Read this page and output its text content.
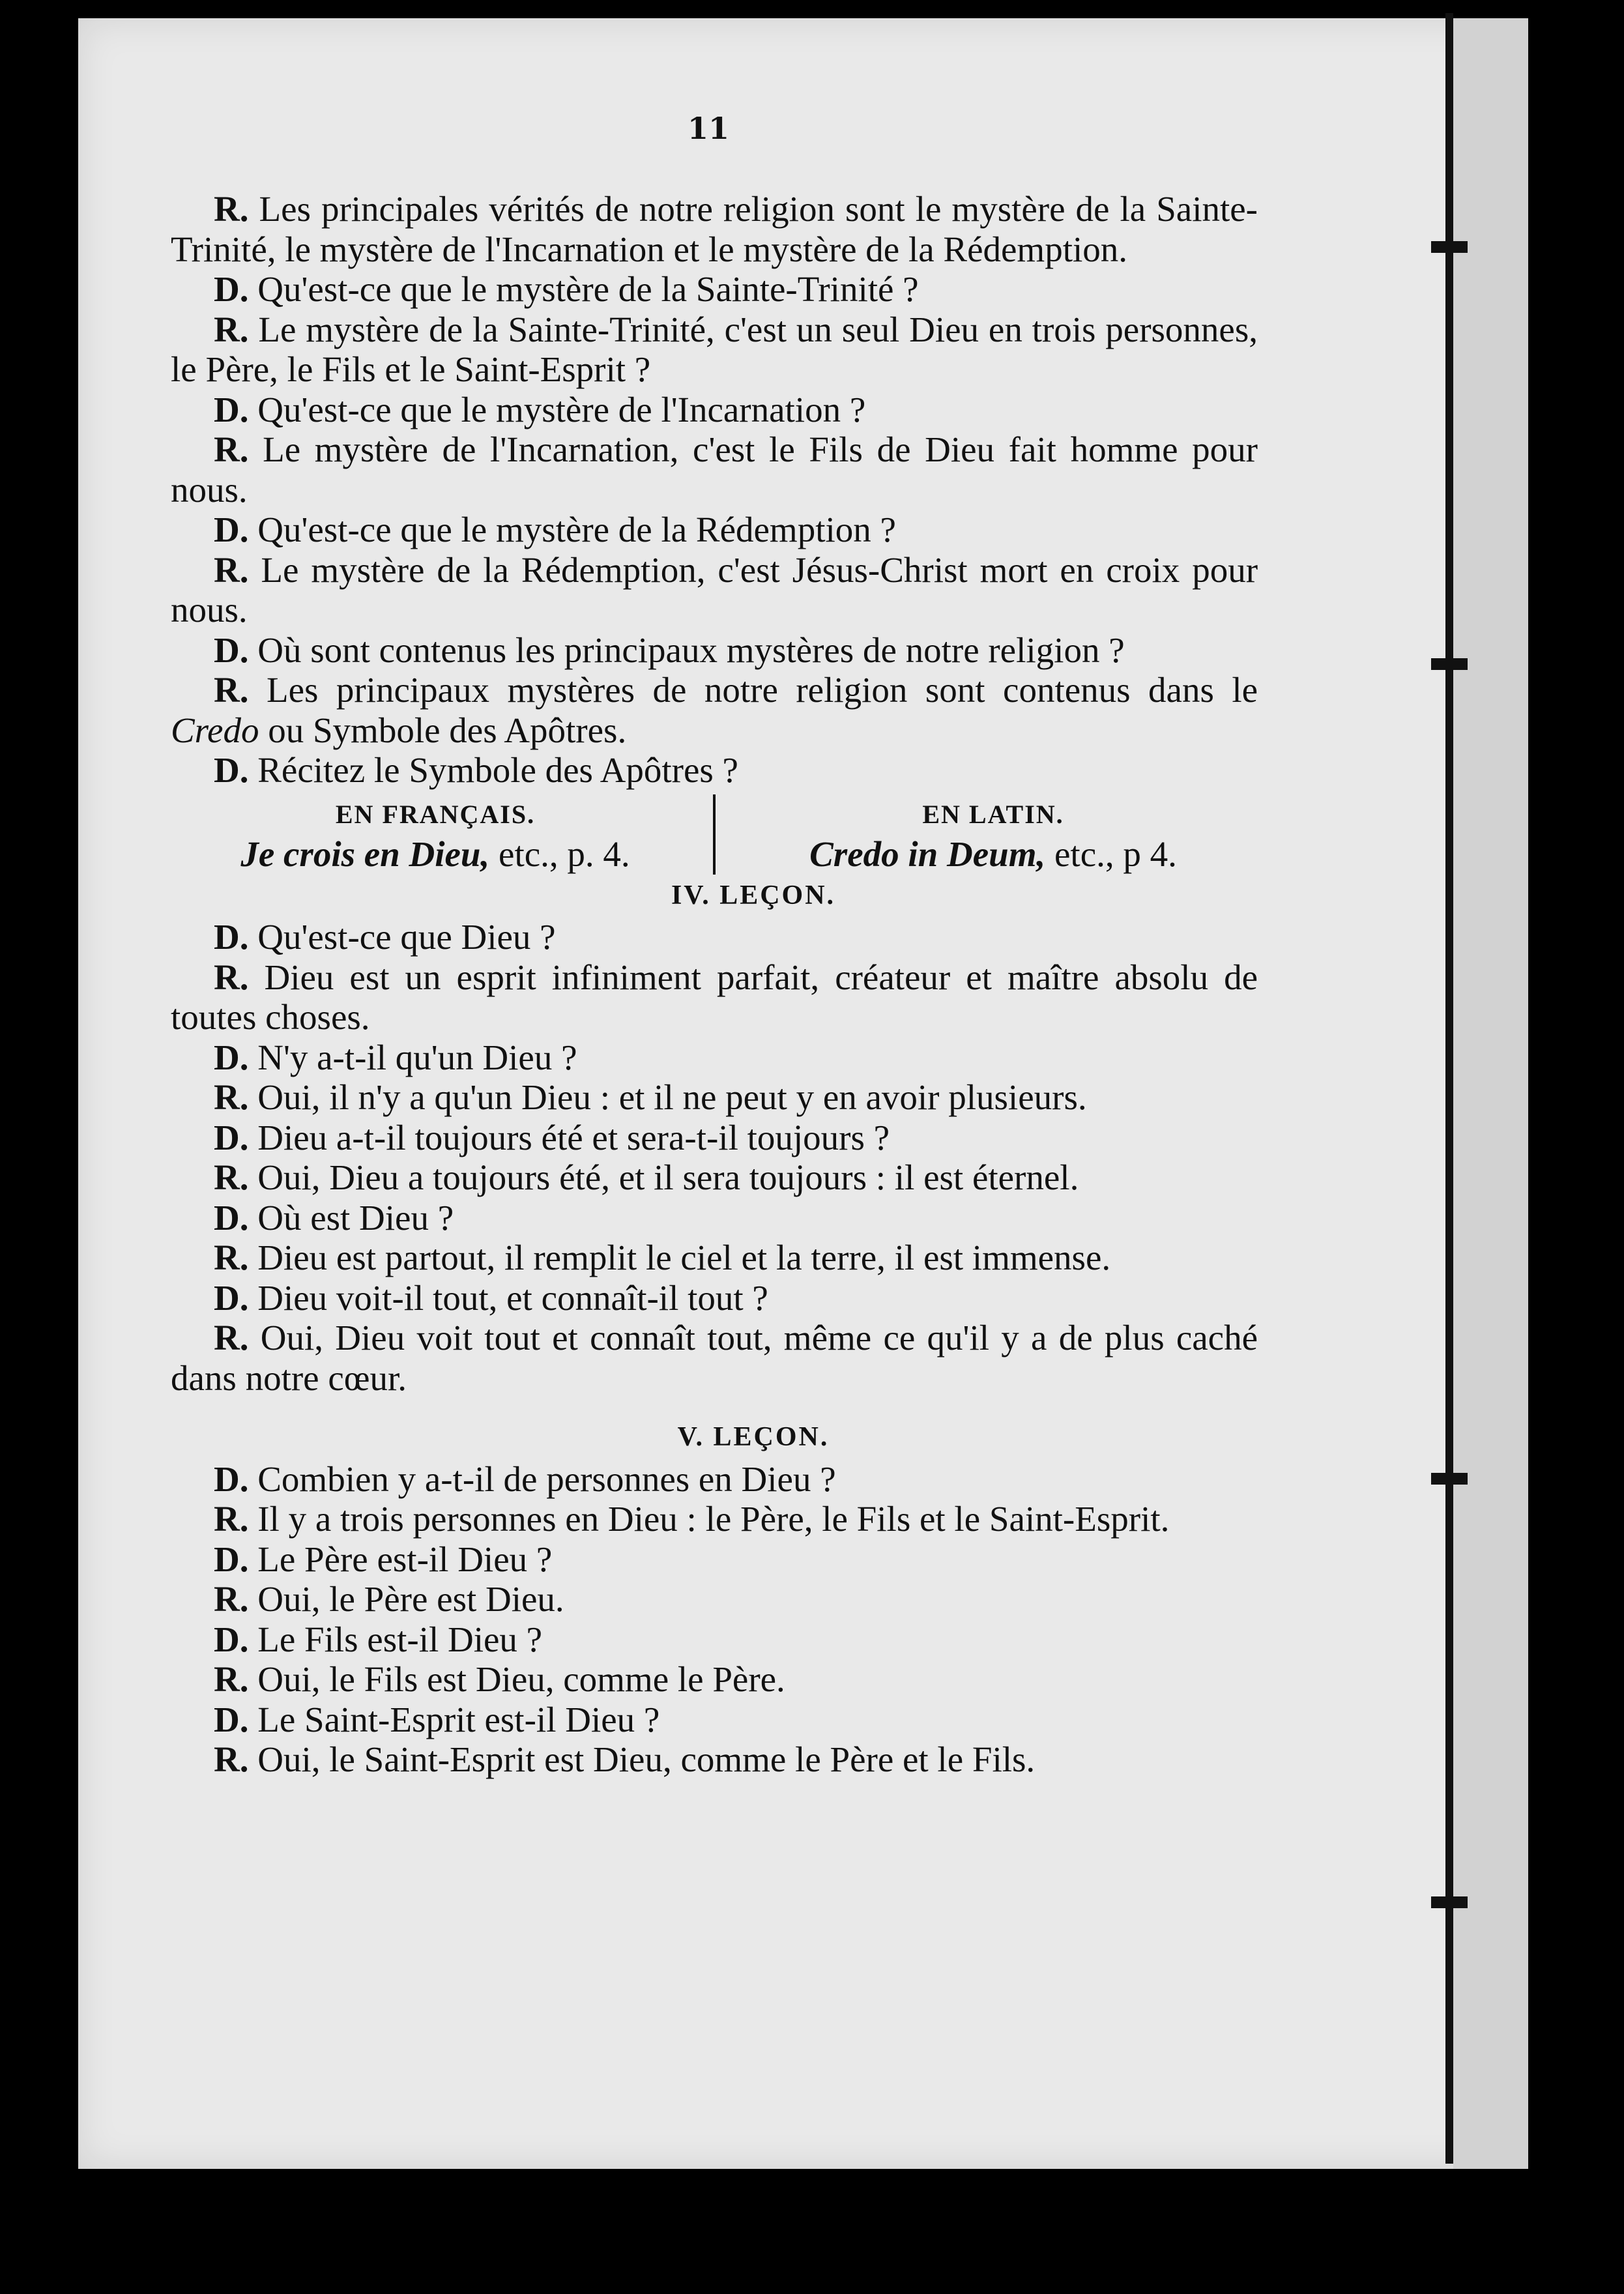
11

R. Les principales vérités de notre religion sont le mystère de la Sainte-Trinité, le mystère de l'Incarnation et le mystère de la Rédemption.

D. Qu'est-ce que le mystère de la Sainte-Trinité ?

R. Le mystère de la Sainte-Trinité, c'est un seul Dieu en trois personnes, le Père, le Fils et le Saint-Esprit ?

D. Qu'est-ce que le mystère de l'Incarnation ?

R. Le mystère de l'Incarnation, c'est le Fils de Dieu fait homme pour nous.

D. Qu'est-ce que le mystère de la Rédemption ?

R. Le mystère de la Rédemption, c'est Jésus-Christ mort en croix pour nous.

D. Où sont contenus les principaux mystères de notre religion ?

R. Les principaux mystères de notre religion sont contenus dans le Credo ou Symbole des Apôtres.

D. Récitez le Symbole des Apôtres ?

EN FRANÇAIS.
Je crois en Dieu, etc., p. 4.
EN LATIN.
Credo in Deum, etc., p 4.
IV. LEÇON.

D. Qu'est-ce que Dieu ?

R. Dieu est un esprit infiniment parfait, créateur et maître absolu de toutes choses.

D. N'y a-t-il qu'un Dieu ?

R. Oui, il n'y a qu'un Dieu : et il ne peut y en avoir plusieurs.

D. Dieu a-t-il toujours été et sera-t-il toujours ?

R. Oui, Dieu a toujours été, et il sera toujours : il est éternel.

D. Où est Dieu ?

R. Dieu est partout, il remplit le ciel et la terre, il est immense.

D. Dieu voit-il tout, et connaît-il tout ?

R. Oui, Dieu voit tout et connaît tout, même ce qu'il y a de plus caché dans notre cœur.

V. LEÇON.

D. Combien y a-t-il de personnes en Dieu ?

R. Il y a trois personnes en Dieu : le Père, le Fils et le Saint-Esprit.

D. Le Père est-il Dieu ?

R. Oui, le Père est Dieu.

D. Le Fils est-il Dieu ?

R. Oui, le Fils est Dieu, comme le Père.

D. Le Saint-Esprit est-il Dieu ?

R. Oui, le Saint-Esprit est Dieu, comme le Père et le Fils.
